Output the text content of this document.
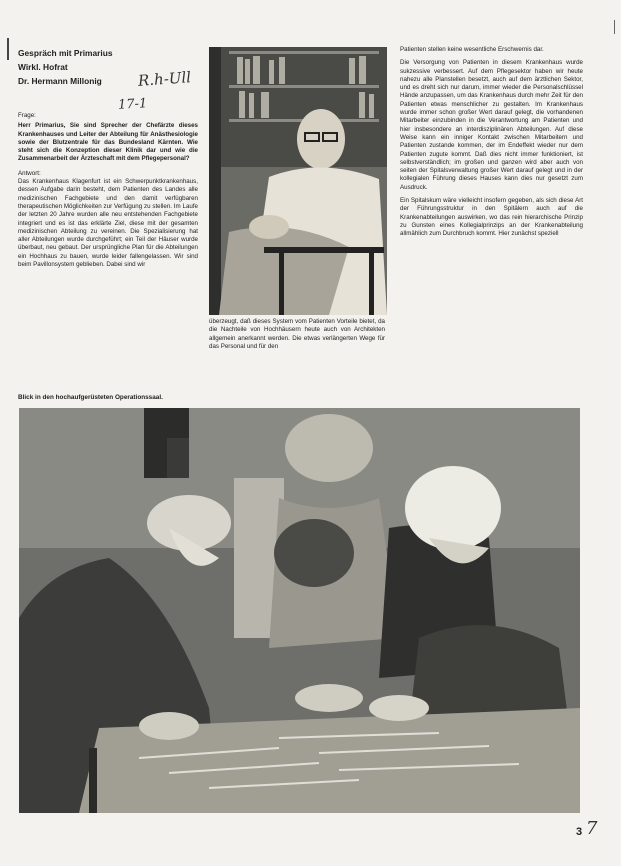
Gespräch mit Primarius
Wirkl. Hofrat
Dr. Hermann Millonig	R.h-Ull
17-1
Frage:
Herr Primarius, Sie sind Sprecher der Chefärzte dieses Krankenhauses und Leiter der Abteilung für Anästhesiologie sowie der Blutzentrale für das Bundesland Kärnten. Wie steht sich die Konzeption dieser Klinik dar und wie die Zusammenarbeit der Ärzteschaft mit dem Pflegepersonal?
Antwort:
Das Krankenhaus Klagenfurt ist ein Schwerpunktkrankenhaus, dessen Aufgabe darin besteht, dem Patienten des Landes alle medizinischen Fachgebiete und den damit verfügbaren therapeutischen Möglichkeiten zur Verfügung zu stellen. Im Laufe der letzten 20 Jahre wurden alle neu entstehenden Fachgebiete integriert und es ist das erklärte Ziel, diese mit der gesamten medizinischen Abteilung zu vereinen. Die Spezialisierung hat aller Abteilungen wurde durchgeführt; ein Teil der Häuser wurde überbaut, neu gebaut. Der ursprüngliche Plan für die Abteilungen ein Hochhaus zu bauen, wurde leider fallengelassen. Wir sind beim Pavillonsystem geblieben. Dabei sind wir
überzeugt, daß dieses System vom Patienten Vorteile bietet, da die Nachteile von Hochhäusern heute auch von Architekten allgemein anerkannt werden. Die etwas verlängerten Wege für das Personal und für den
Patienten stellen keine wesentliche Erschwernis dar.
Die Versorgung von Patienten in diesem Krankenhaus wurde sukzessive verbessert. Auf dem Pflegesektor haben wir heute nahezu alle Planstellen besetzt, auch auf dem ärztlichen Sektor, und es dreht sich nur darum, immer wieder die Personalschlüssel Hände anzupassen, um das Krankenhaus durch mehr Zeit für den Patienten etwas menschlicher zu gestalten. Im Krankenhaus wurde immer schon großer Wert darauf gelegt, die vorhandenen Mitarbeiter einzubinden in die Verantwortung am Patienten und hier insbesondere an interdisziplinären Abteilungen. Auf diese Weise kann ein inniger Kontakt zwischen Mitarbeitern und Patienten zustande kommen, der im Endeffekt wieder nur dem Patienten zugute kommt. Daß dies nicht immer funktioniert, ist selbstverständlich; im großen und ganzen wird aber auch von seiten der Spitalsverwaltung großer Wert darauf gelegt und in der kollegialen Führung dieses Hauses kann dies nur gesetzt zum Ausdruck.
Ein Spitalskum wäre vielleicht insofern gegeben, als sich diese Art der Führungsstruktur in den Spitälern auch auf die Krankenabteilungen auswirken, wo das rein hierarchische Prinzip zu Gunsten eines Kollegialprinzips an der Krankenabteilung allmählich zum Durchbruch kommt. Hier zunächst speziell
Blick in den hochaufgerüsteten Operationssaal.
3 7
